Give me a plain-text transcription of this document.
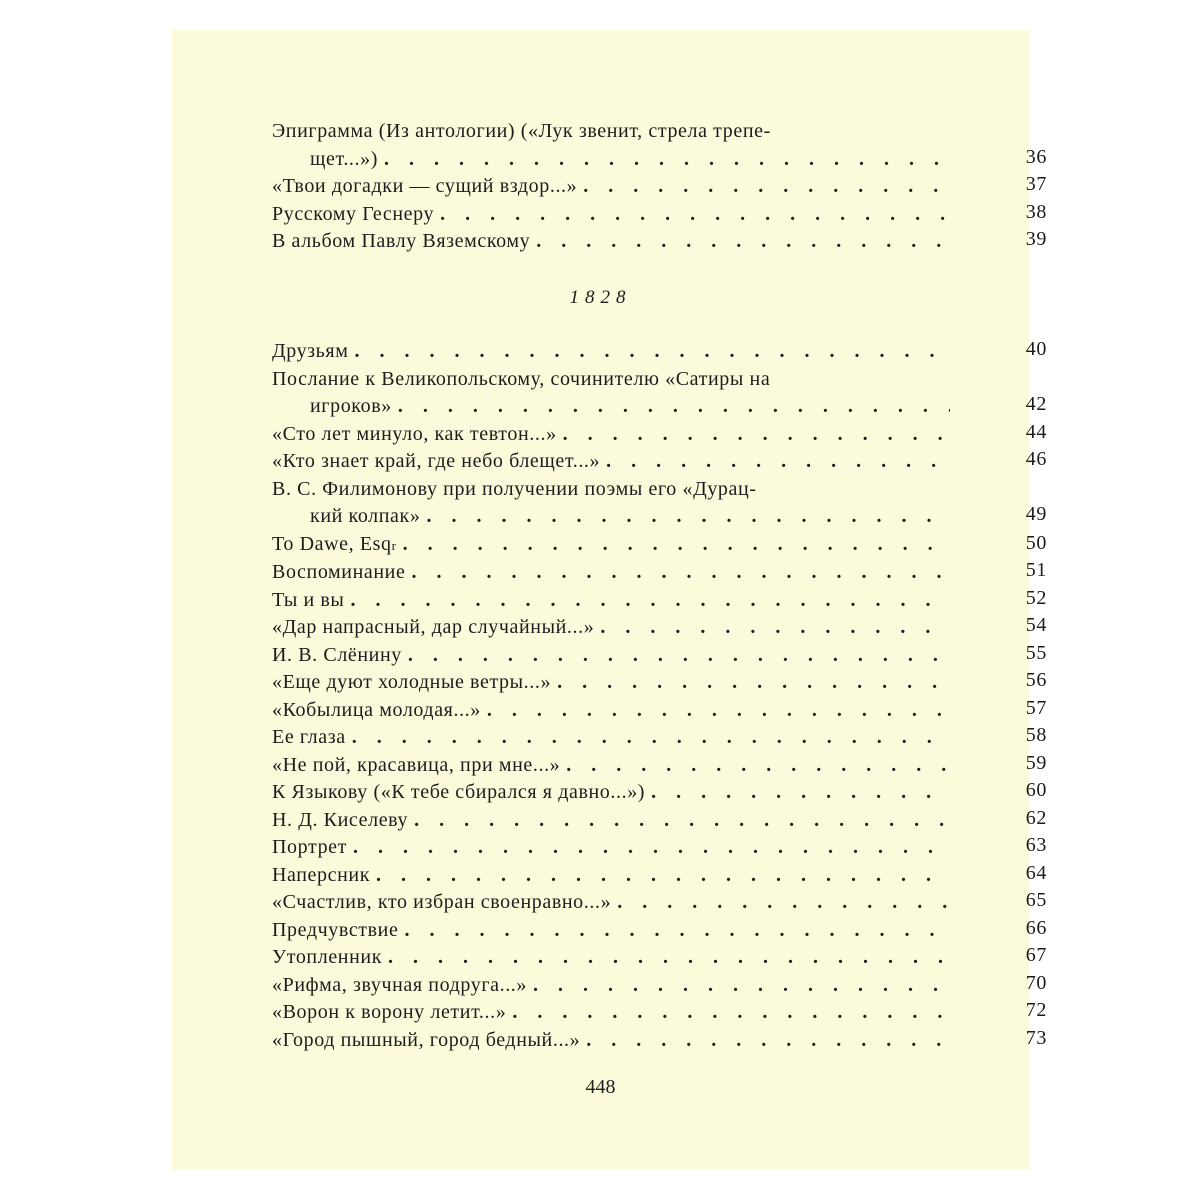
Эпиграмма (Из антологии) («Лук звенит, стрела трепе-
щет...») . . .	36
«Твои догадки — сущий вздор...» . . .	37
Русскому Геснеру . . .	38
В альбом Павлу Вяземскому . . .	39
1828
Друзьям . . .	40
Послание к Великопольскому, сочинителю «Сатиры на
игроков» . . .	42
«Сто лет минуло, как тевтон...» . . .	44
«Кто знает край, где небо блещет...» . . .	46
В. С. Филимонову при получении поэмы его «Дурац-
кий колпак» . . .	49
To Dawe, Esq r . . .	50
Воспоминание . . .	51
Ты и вы . . .	52
«Дар напрасный, дар случайный...» . . .	54
И. В. Слёнину . . .	55
«Еще дуют холодные ветры...» . . .	56
«Кобылица молодая...» . . .	57
Ее глаза . . .	58
«Не пой, красавица, при мне...» . . .	59
К Языкову («К тебе сбирался я давно...») . . .	60
Н. Д. Киселеву . . .	62
Портрет . . .	63
Наперсник . . .	64
«Счастлив, кто избран своенравно...» . . .	65
Предчувствие . . .	66
Утопленник . . .	67
«Рифма, звучная подруга...» . . .	70
«Ворон к ворону летит...» . . .	72
«Город пышный, город бедный...» . . .	73
448
